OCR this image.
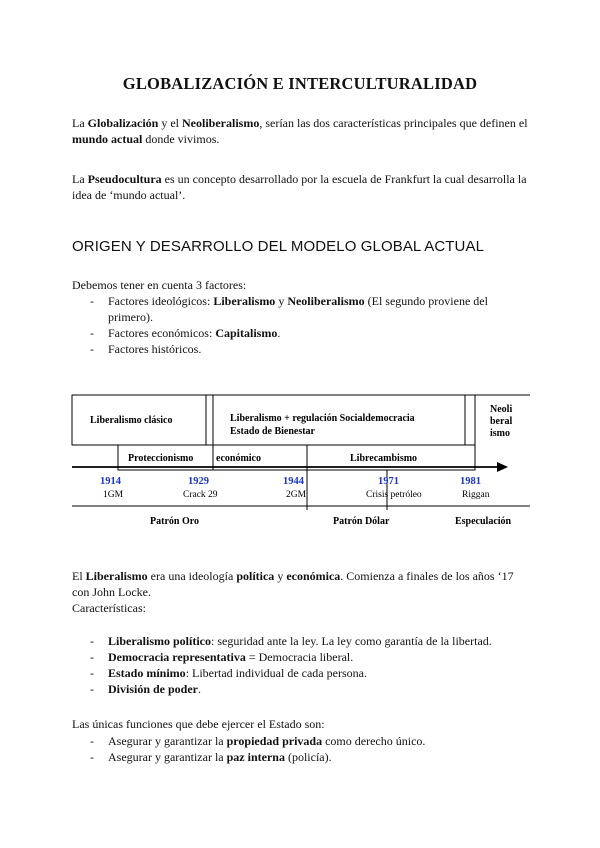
GLOBALIZACIÓN E INTERCULTURALIDAD

La Globalización y el Neoliberalismo, serían las dos características principales que definen el mundo actual donde vivimos.

La Pseudocultura es un concepto desarrollado por la escuela de Frankfurt la cual desarrolla la idea de ‘mundo actual’.

ORIGEN Y DESARROLLO DEL MODELO GLOBAL ACTUAL

Debemos tener en cuenta 3 factores:

- Factores ideológicos: Liberalismo y Neoliberalismo (El segundo proviene del primero).
- Factores económicos: Capitalismo.
- Factores históricos.
Liberalismo clásico	Liberalismo + regulación Socialdemocracia
Estado de Bienestar
Neoli
beral
ismo
Proteccionismo económico	Librecambismo
1914	1929	1944	1971	1981
1GM	Crack 29	2GM	Crisis petróleo	Riggan
Patrón Oro	Patrón Dólar	Especulación

El Liberalismo era una ideología política y económica. Comienza a finales de los años ‘17 con John Locke.

Características:

- Liberalismo político: seguridad ante la ley. La ley como garantía de la libertad.
- Democracia representativa = Democracia liberal.
- Estado mínimo: Libertad individual de cada persona.
- División de poder.

Las únicas funciones que debe ejercer el Estado son:

- Asegurar y garantizar la propiedad privada como derecho único.
- Asegurar y garantizar la paz interna (policía).
